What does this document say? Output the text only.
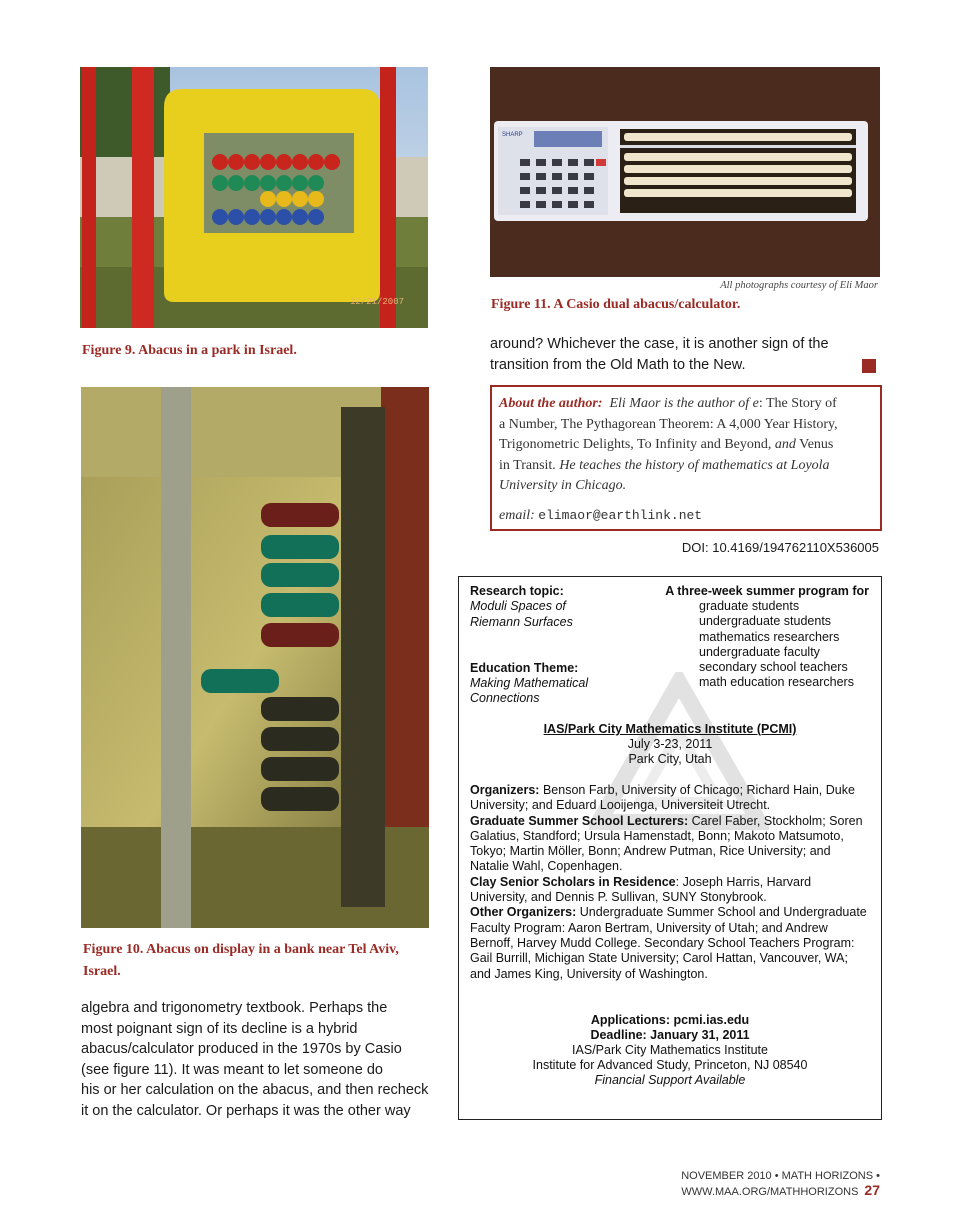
12/21/2007
Figure 9. Abacus in a park in Israel.
Figure 10. Abacus on display in a bank near Tel Aviv, Israel.
algebra and trigonometry textbook. Perhaps the
most poignant sign of its decline is a hybrid
abacus/calculator produced in the 1970s by Casio
(see figure 11). It was meant to let someone do
his or her calculation on the abacus, and then recheck
it on the calculator. Or perhaps it was the other way
SHARP
All photographs courtesy of Eli Maor
Figure 11. A Casio dual abacus/calculator.
around? Whichever the case, it is another sign of the
transition from the Old Math to the New.

About the author: Eli Maor is the author of e: The Story of

a Number, The Pythagorean Theorem: A 4,000 Year History,

Trigonometric Delights, To Infinity and Beyond, and Venus

in Transit. He teaches the history of mathematics at Loyola

University in Chicago.

email: elimaor@earthlink.net

DOI: 10.4169/194762110X536005
Research topic:
Moduli Spaces of
Riemann Surfaces
A three-week summer program for
graduate students
undergraduate students
mathematics researchers
undergraduate faculty
secondary school teachers
math education researchers
Education Theme:
Making Mathematical
Connections
IAS/Park City Mathematics Institute (PCMI)
July 3-23, 2011
Park City, Utah
Organizers: Benson Farb, University of Chicago; Richard Hain, Duke University; and Eduard Looijenga, Universiteit Utrecht.
Graduate Summer School Lecturers: Carel Faber, Stockholm; Soren Galatius, Standford; Ursula Hamenstadt, Bonn; Makoto Matsumoto, Tokyo; Martin Möller, Bonn; Andrew Putman, Rice University; and Natalie Wahl, Copenhagen.
Clay Senior Scholars in Residence: Joseph Harris, Harvard University, and Dennis P. Sullivan, SUNY Stonybrook.
Other Organizers: Undergraduate Summer School and Undergraduate Faculty Program: Aaron Bertram, University of Utah; and Andrew Bernoff, Harvey Mudd College. Secondary School Teachers Program: Gail Burrill, Michigan State University; Carol Hattan, Vancouver, WA; and James King, University of Washington.
Applications: pcmi.ias.edu
Deadline: January 31, 2011
IAS/Park City Mathematics Institute
Institute for Advanced Study, Princeton, NJ 08540
Financial Support Available
NOVEMBER 2010 • MATH HORIZONS • WWW.MAA.ORG/MATHHORIZONS 27
